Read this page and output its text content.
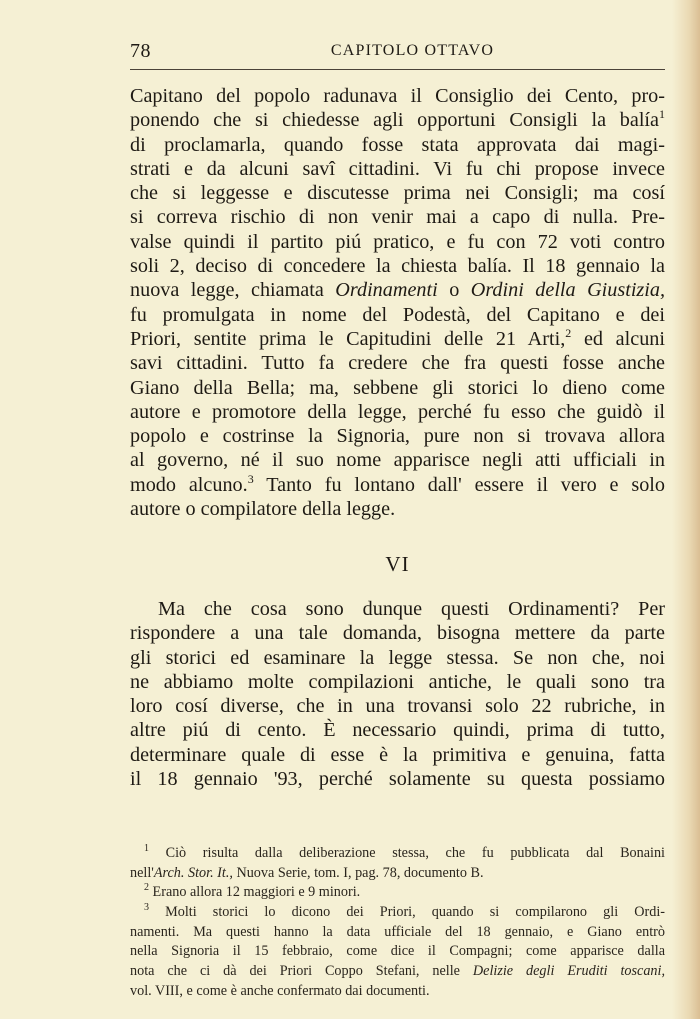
78	CAPITOLO OTTAVO
Capitano del popolo radunava il Consiglio dei Cento, pro-
ponendo che si chiedesse agli opportuni Consigli la balía$^1$
di proclamarla, quando fosse stata approvata dai magi-
strati e da alcuni savî cittadini. Vi fu chi propose invece
che si leggesse e discutesse prima nei Consigli; ma cosí
si correva rischio di non venir mai a capo di nulla. Pre-
valse quindi il partito piú pratico, e fu con 72 voti contro
soli 2, deciso di concedere la chiesta balía. Il 18 gennaio la
nuova legge, chiamata Ordinamenti o Ordini della Giustizia,
fu promulgata in nome del Podestà, del Capitano e dei
Priori, sentite prima le Capitudini delle 21 Arti,$^2$ ed alcuni
savi cittadini. Tutto fa credere che fra questi fosse anche
Giano della Bella; ma, sebbene gli storici lo dieno come
autore e promotore della legge, perché fu esso che guidò il
popolo e costrinse la Signoria, pure non si trovava allora
al governo, né il suo nome apparisce negli atti ufficiali in
modo alcuno.$^3$ Tanto fu lontano dall' essere il vero e solo
autore o compilatore della legge.
VI
Ma che cosa sono dunque questi Ordinamenti? Per
rispondere a una tale domanda, bisogna mettere da parte
gli storici ed esaminare la legge stessa. Se non che, noi
ne abbiamo molte compilazioni antiche, le quali sono tra
loro cosí diverse, che in una trovansi solo 22 rubriche, in
altre piú di cento. È necessario quindi, prima di tutto,
determinare quale di esse è la primitiva e genuina, fatta
il 18 gennaio '93, perché solamente su questa possiamo
$^1$ Ciò risulta dalla deliberazione stessa, che fu pubblicata dal Bonaini
nell'Arch. Stor. It., Nuova Serie, tom. I, pag. 78, documento B.
$^2$ Erano allora 12 maggiori e 9 minori.
$^3$ Molti storici lo dicono dei Priori, quando si compilarono gli Ordi-
namenti. Ma questi hanno la data ufficiale del 18 gennaio, e Giano entrò
nella Signoria il 15 febbraio, come dice il Compagni; come apparisce dalla
nota che ci dà dei Priori Coppo Stefani, nelle Delizie degli Eruditi toscani,
vol. VIII, e come è anche confermato dai documenti.
